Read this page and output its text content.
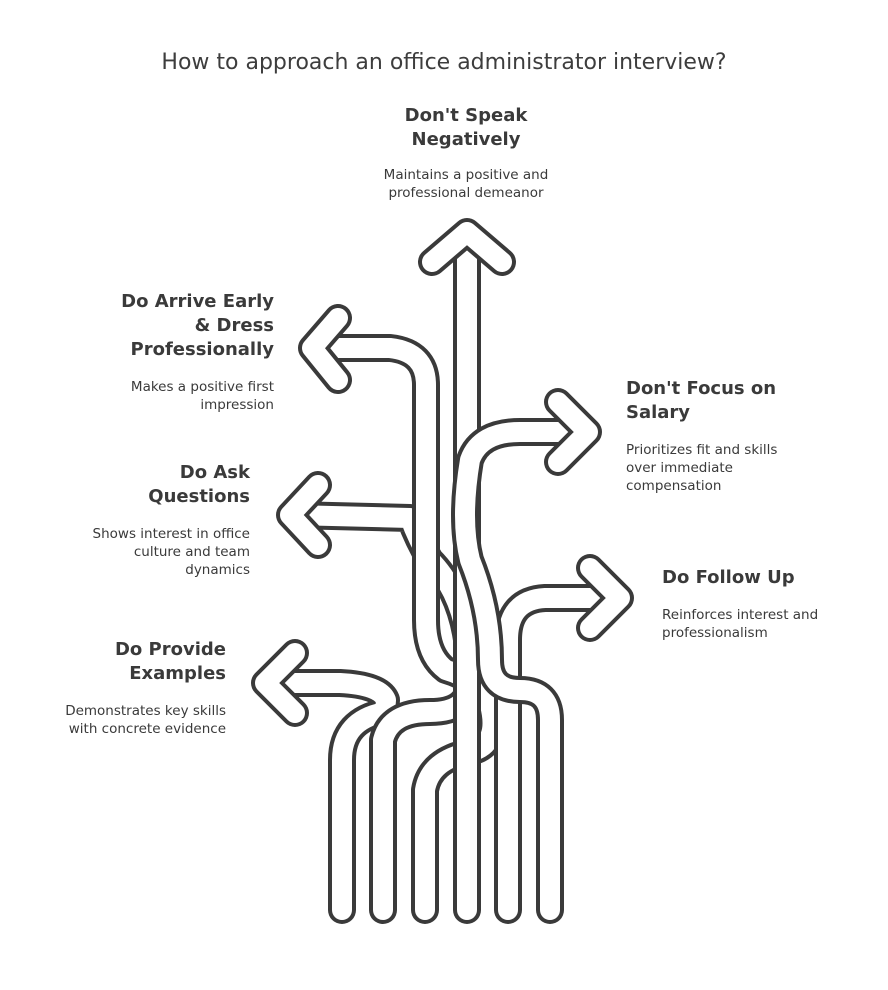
How to approach an office administrator interview?
Don't Speak Negatively
Maintains a positive and professional demeanor
Do Arrive Early & Dress Professionally
Makes a positive first impression
Don't Focus on Salary
Prioritizes fit and skills over immediate compensation
Do Ask Questions
Shows interest in office culture and team dynamics	Do Follow Up
Reinforces interest and professionalism
Do Provide Examples
Demonstrates key skills with concrete evidence
